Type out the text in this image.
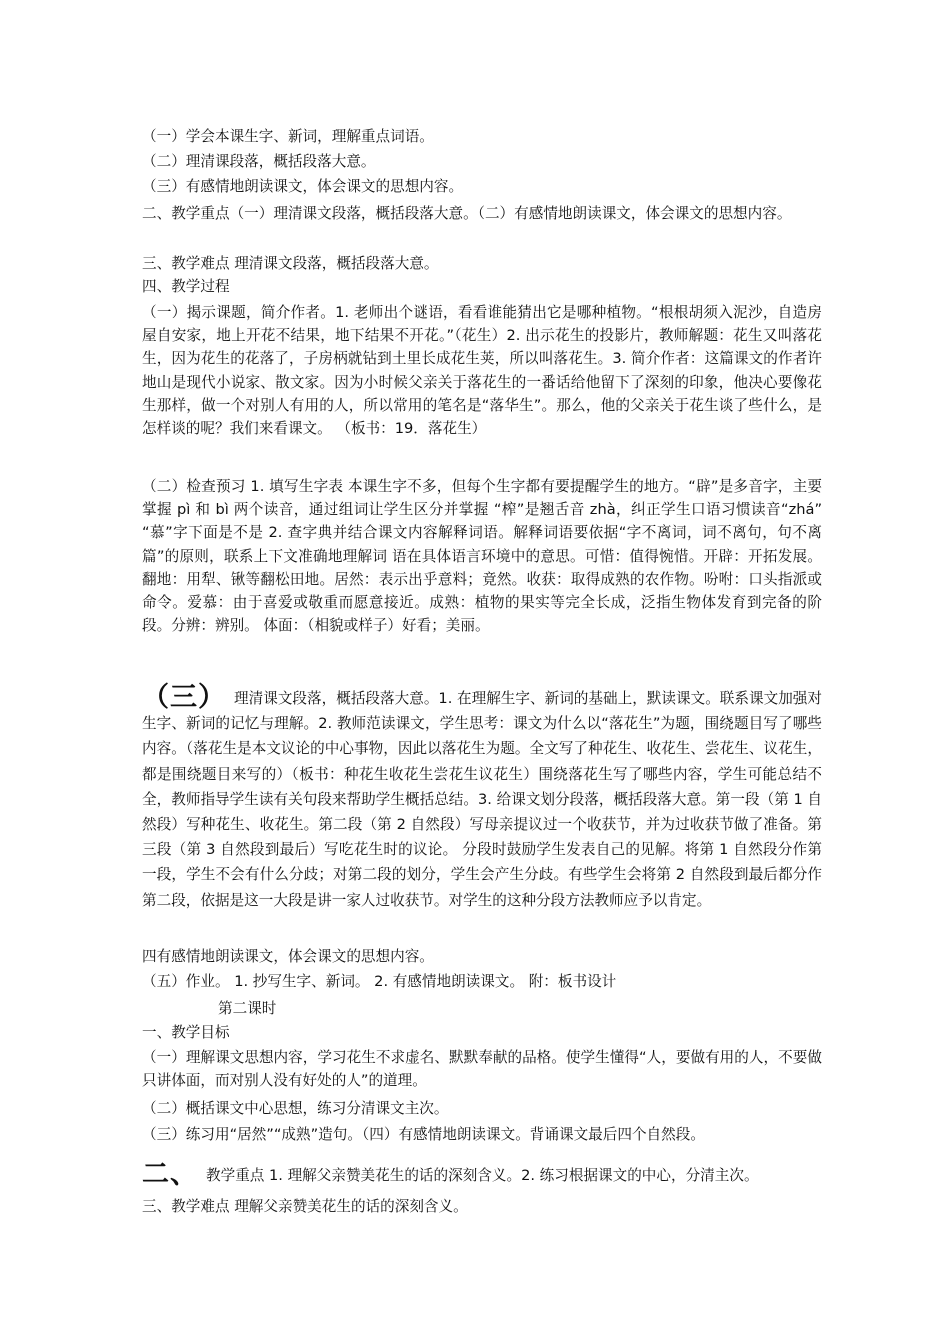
（一）学会本课生字、新词，理解重点词语。
（二）理清课段落，概括段落大意。
（三）有感情地朗读课文，体会课文的思想内容。
二、教学重点（一）理清课文段落，概括段落大意。（二）有感情地朗读课文，体会课文的思想内容。
三、教学难点 理清课文段落，概括段落大意。
四、教学过程
（一）揭示课题，简介作者。1. 老师出个谜语，看看谁能猜出它是哪种植物。“根根胡须入泥沙，自造房屋自安家，地上开花不结果，地下结果不开花。”（花生）2. 出示花生的投影片，教师解题：花生又叫落花生，因为花生的花落了，子房柄就钻到土里长成花生荚，所以叫落花生。3. 简介作者：这篇课文的作者许地山是现代小说家、散文家。因为小时候父亲关于落花生的一番话给他留下了深刻的印象，他决心要像花生那样，做一个对别人有用的人，所以常用的笔名是“落华生”。那么，他的父亲关于花生谈了些什么，是怎样谈的呢？我们来看课文。 （板书：19．落花生）
（二）检查预习 1. 填写生字表 本课生字不多，但每个生字都有要提醒学生的地方。“辟”是多音字，主要掌握 pì 和 bì 两个读音，通过组词让学生区分并掌握 “榨”是翘舌音 zhà，纠正学生口语习惯读音“zhá” “慕”字下面是不是 2. 查字典并结合课文内容解释词语。解释词语要依据“字不离词，词不离句，句不离篇”的原则，联系上下文准确地理解词 语在具体语言环境中的意思。可惜：值得惋惜。开辟：开拓发展。翻地：用犁、锹等翻松田地。居然：表示出乎意料；竟然。收获：取得成熟的农作物。吩咐：口头指派或命令。爱慕：由于喜爱或敬重而愿意接近。成熟：植物的果实等完全长成，泛指生物体发育到完备的阶段。分辨：辨别。 体面：（相貌或样子）好看；美丽。
（三） 理清课文段落，概括段落大意。1. 在理解生字、新词的基础上，默读课文。联系课文加强对生字、新词的记忆与理解。2. 教师范读课文，学生思考：课文为什么以“落花生”为题，围绕题目写了哪些内容。（落花生是本文议论的中心事物，因此以落花生为题。全文写了种花生、收花生、尝花生、议花生，都是围绕题目来写的）（板书：种花生收花生尝花生议花生）围绕落花生写了哪些内容，学生可能总结不全，教师指导学生读有关句段来帮助学生概括总结。3. 给课文划分段落，概括段落大意。第一段（第 1 自然段）写种花生、收花生。第二段（第 2 自然段）写母亲提议过一个收获节，并为过收获节做了准备。第三段（第 3 自然段到最后）写吃花生时的议论。 分段时鼓励学生发表自己的见解。将第 1 自然段分作第一段，学生不会有什么分歧；对第二段的划分，学生会产生分歧。有些学生会将第 2 自然段到最后都分作第二段，依据是这一大段是讲一家人过收获节。对学生的这种分段方法教师应予以肯定。
四有感情地朗读课文，体会课文的思想内容。
（五）作业。 1. 抄写生字、新词。 2. 有感情地朗读课文。 附：板书设计
第二课时
一、教学目标
（一）理解课文思想内容，学习花生不求虚名、默默奉献的品格。使学生懂得“人，要做有用的人，不要做只讲体面，而对别人没有好处的人”的道理。
（二）概括课文中心思想，练习分清课文主次。
（三）练习用“居然”“成熟”造句。（四）有感情地朗读课文。背诵课文最后四个自然段。
二、 教学重点 1. 理解父亲赞美花生的话的深刻含义。2. 练习根据课文的中心，分清主次。
三、教学难点 理解父亲赞美花生的话的深刻含义。
